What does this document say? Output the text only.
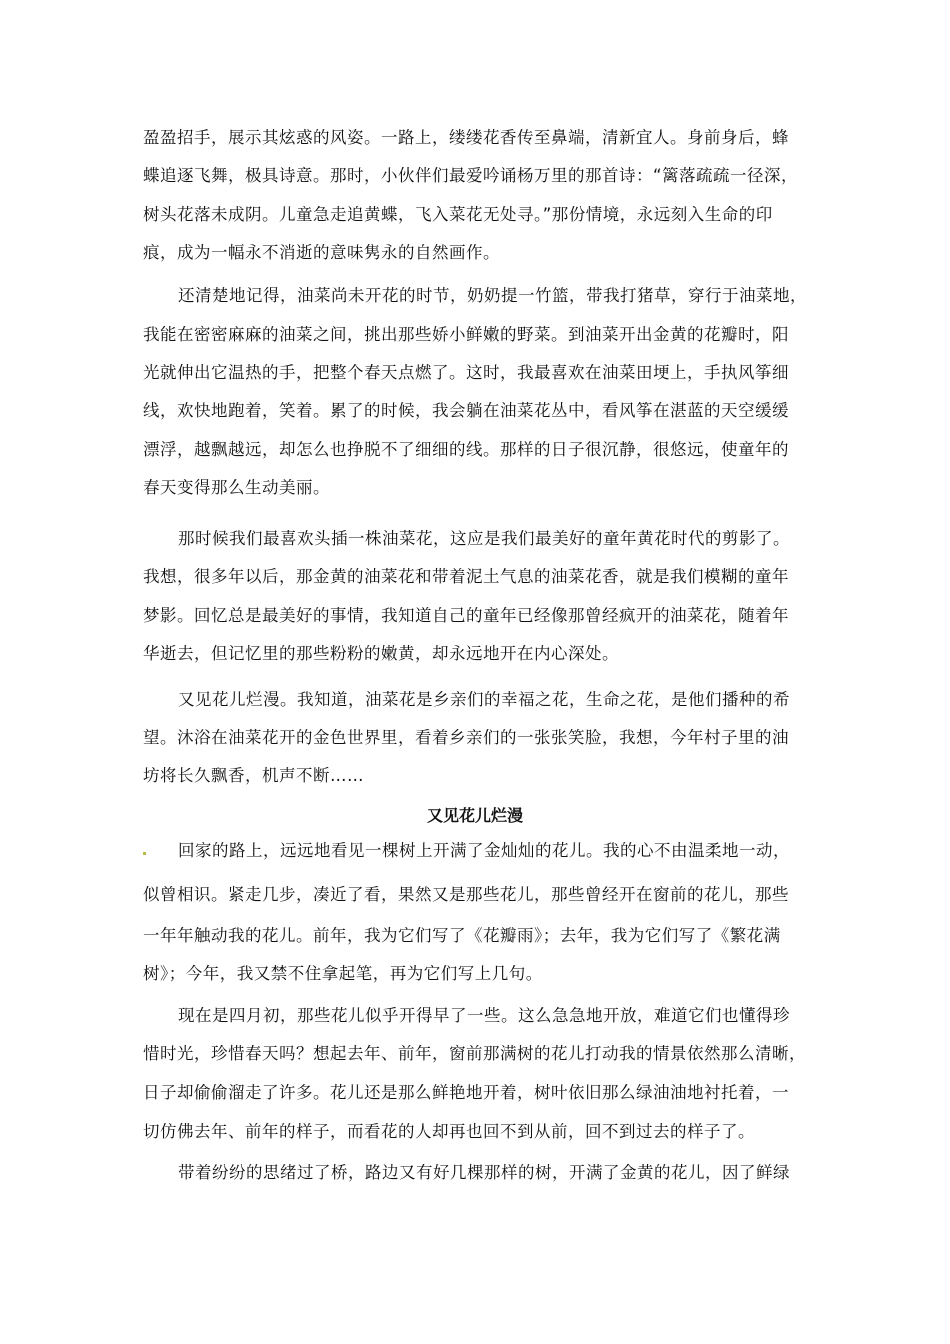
盈盈招手，展示其炫惑的风姿。一路上，缕缕花香传至鼻端，清新宜人。身前身后，蜂
蝶追逐飞舞，极具诗意。那时，小伙伴们最爱吟诵杨万里的那首诗：“篱落疏疏一径深，
树头花落未成阴。儿童急走追黄蝶，飞入菜花无处寻。”那份情境，永远刻入生命的印
痕，成为一幅永不消逝的意味隽永的自然画作。
还清楚地记得，油菜尚未开花的时节，奶奶提一竹篮，带我打猪草，穿行于油菜地，
我能在密密麻麻的油菜之间，挑出那些娇小鲜嫩的野菜。到油菜开出金黄的花瓣时，阳
光就伸出它温热的手，把整个春天点燃了。这时，我最喜欢在油菜田埂上，手执风筝细
线，欢快地跑着，笑着。累了的时候，我会躺在油菜花丛中，看风筝在湛蓝的天空缓缓
漂浮，越飘越远，却怎么也挣脱不了细细的线。那样的日子很沉静，很悠远，使童年的
春天变得那么生动美丽。
那时候我们最喜欢头插一株油菜花，这应是我们最美好的童年黄花时代的剪影了。
我想，很多年以后，那金黄的油菜花和带着泥土气息的油菜花香，就是我们模糊的童年
梦影。回忆总是最美好的事情，我知道自己的童年已经像那曾经疯开的油菜花，随着年
华逝去，但记忆里的那些粉粉的嫩黄，却永远地开在内心深处。
又见花儿烂漫。我知道，油菜花是乡亲们的幸福之花，生命之花，是他们播种的希
望。沐浴在油菜花开的金色世界里，看着乡亲们的一张张笑脸，我想，今年村子里的油
坊将长久飘香，机声不断……
又见花儿烂漫
回家的路上，远远地看见一棵树上开满了金灿灿的花儿。我的心不由温柔地一动，
似曾相识。紧走几步，凑近了看，果然又是那些花儿，那些曾经开在窗前的花儿，那些
一年年触动我的花儿。前年，我为它们写了《花瓣雨》；去年，我为它们写了《繁花满
树》；今年，我又禁不住拿起笔，再为它们写上几句。
现在是四月初，那些花儿似乎开得早了一些。这么急急地开放，难道它们也懂得珍
惜时光，珍惜春天吗？想起去年、前年，窗前那满树的花儿打动我的情景依然那么清晰，
日子却偷偷溜走了许多。花儿还是那么鲜艳地开着，树叶依旧那么绿油油地衬托着，一
切仿佛去年、前年的样子，而看花的人却再也回不到从前，回不到过去的样子了。
带着纷纷的思绪过了桥，路边又有好几棵那样的树，开满了金黄的花儿，因了鲜绿
